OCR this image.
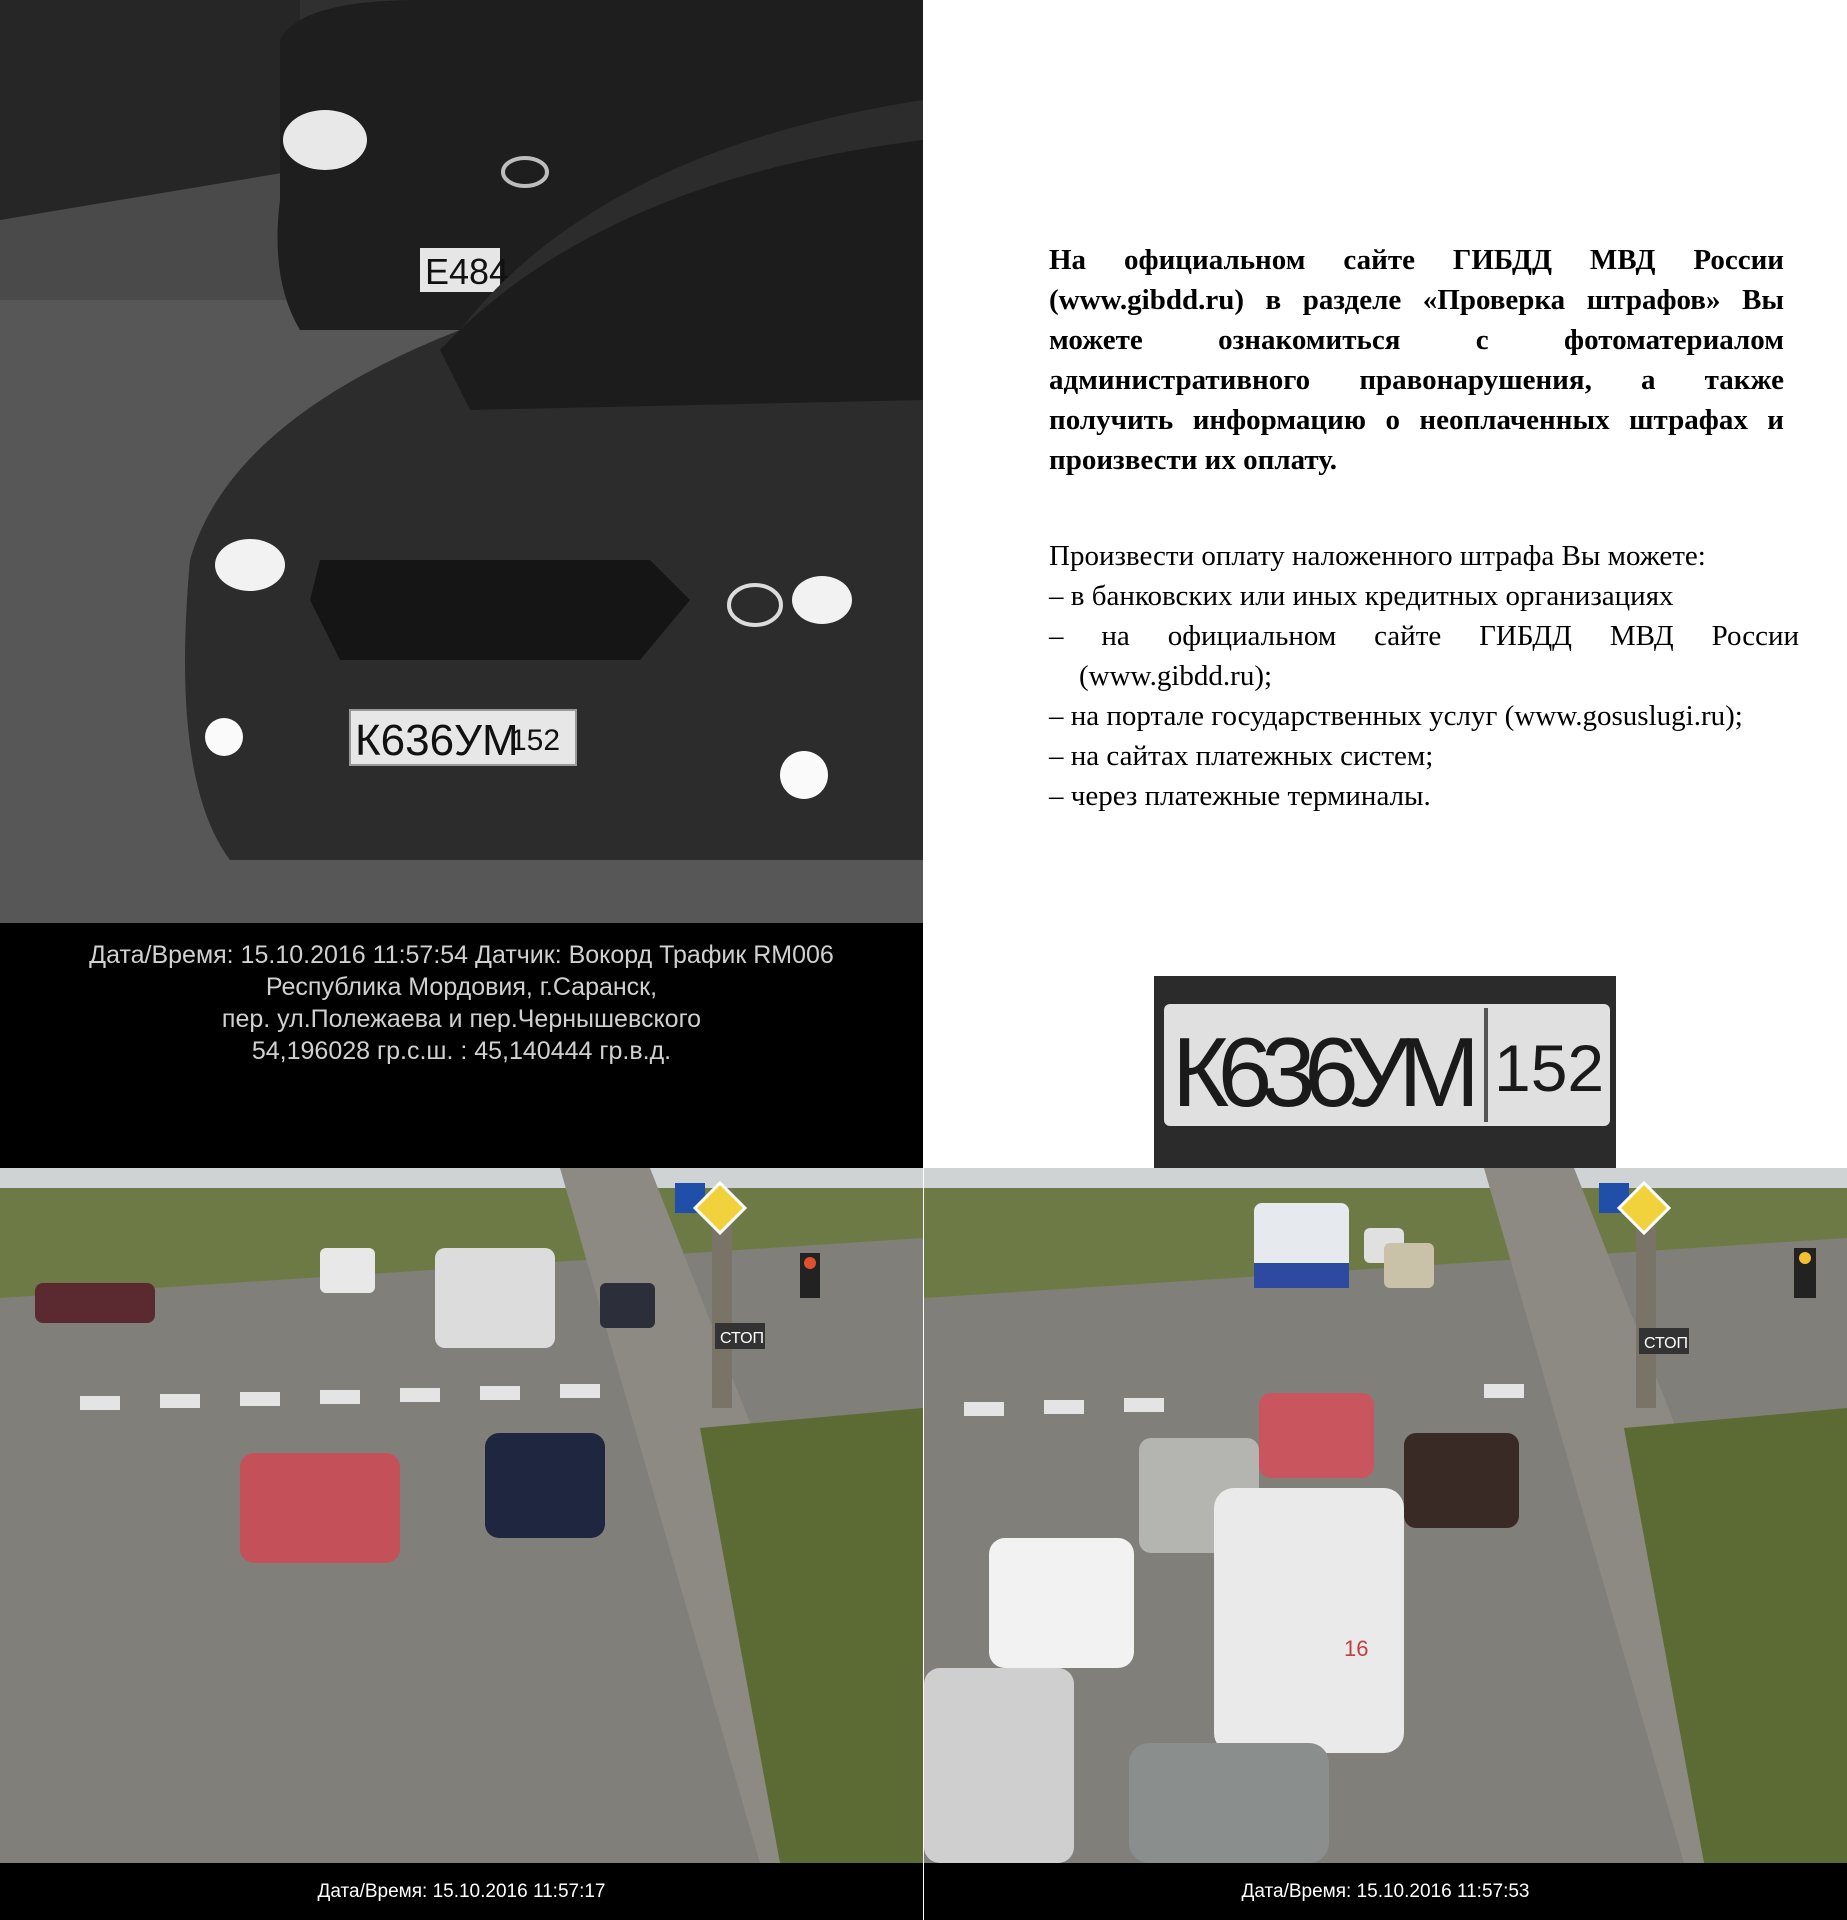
Е484
К636УМ
152
Дата/Время: 15.10.2016 11:57:54 Датчик: Вокорд Трафик RM006
Республика Мордовия, г.Саранск,
пер. ул.Полежаева и пер.Чернышевского
54,196028 гр.с.ш. : 45,140444 гр.в.д.
На официальном сайте ГИБДД МВД России (www.gibdd.ru) в разделе «Проверка штрафов» Вы можете ознакомиться с фотоматериалом административного правонарушения, а также получить информацию о неоплаченных штрафах и произвести их оплату.
Произвести оплату наложенного штрафа Вы можете:
– в банковских или иных кредитных организациях
– на официальном сайте ГИБДД МВД России (www.gibdd.ru);
– на портале государственных услуг (www.gosuslugi.ru);
– на сайтах платежных систем;
– через платежные терминалы.
К636УМ 152
СТОП
Дата/Время: 15.10.2016 11:57:17
16
СТОП
Дата/Время: 15.10.2016 11:57:53
